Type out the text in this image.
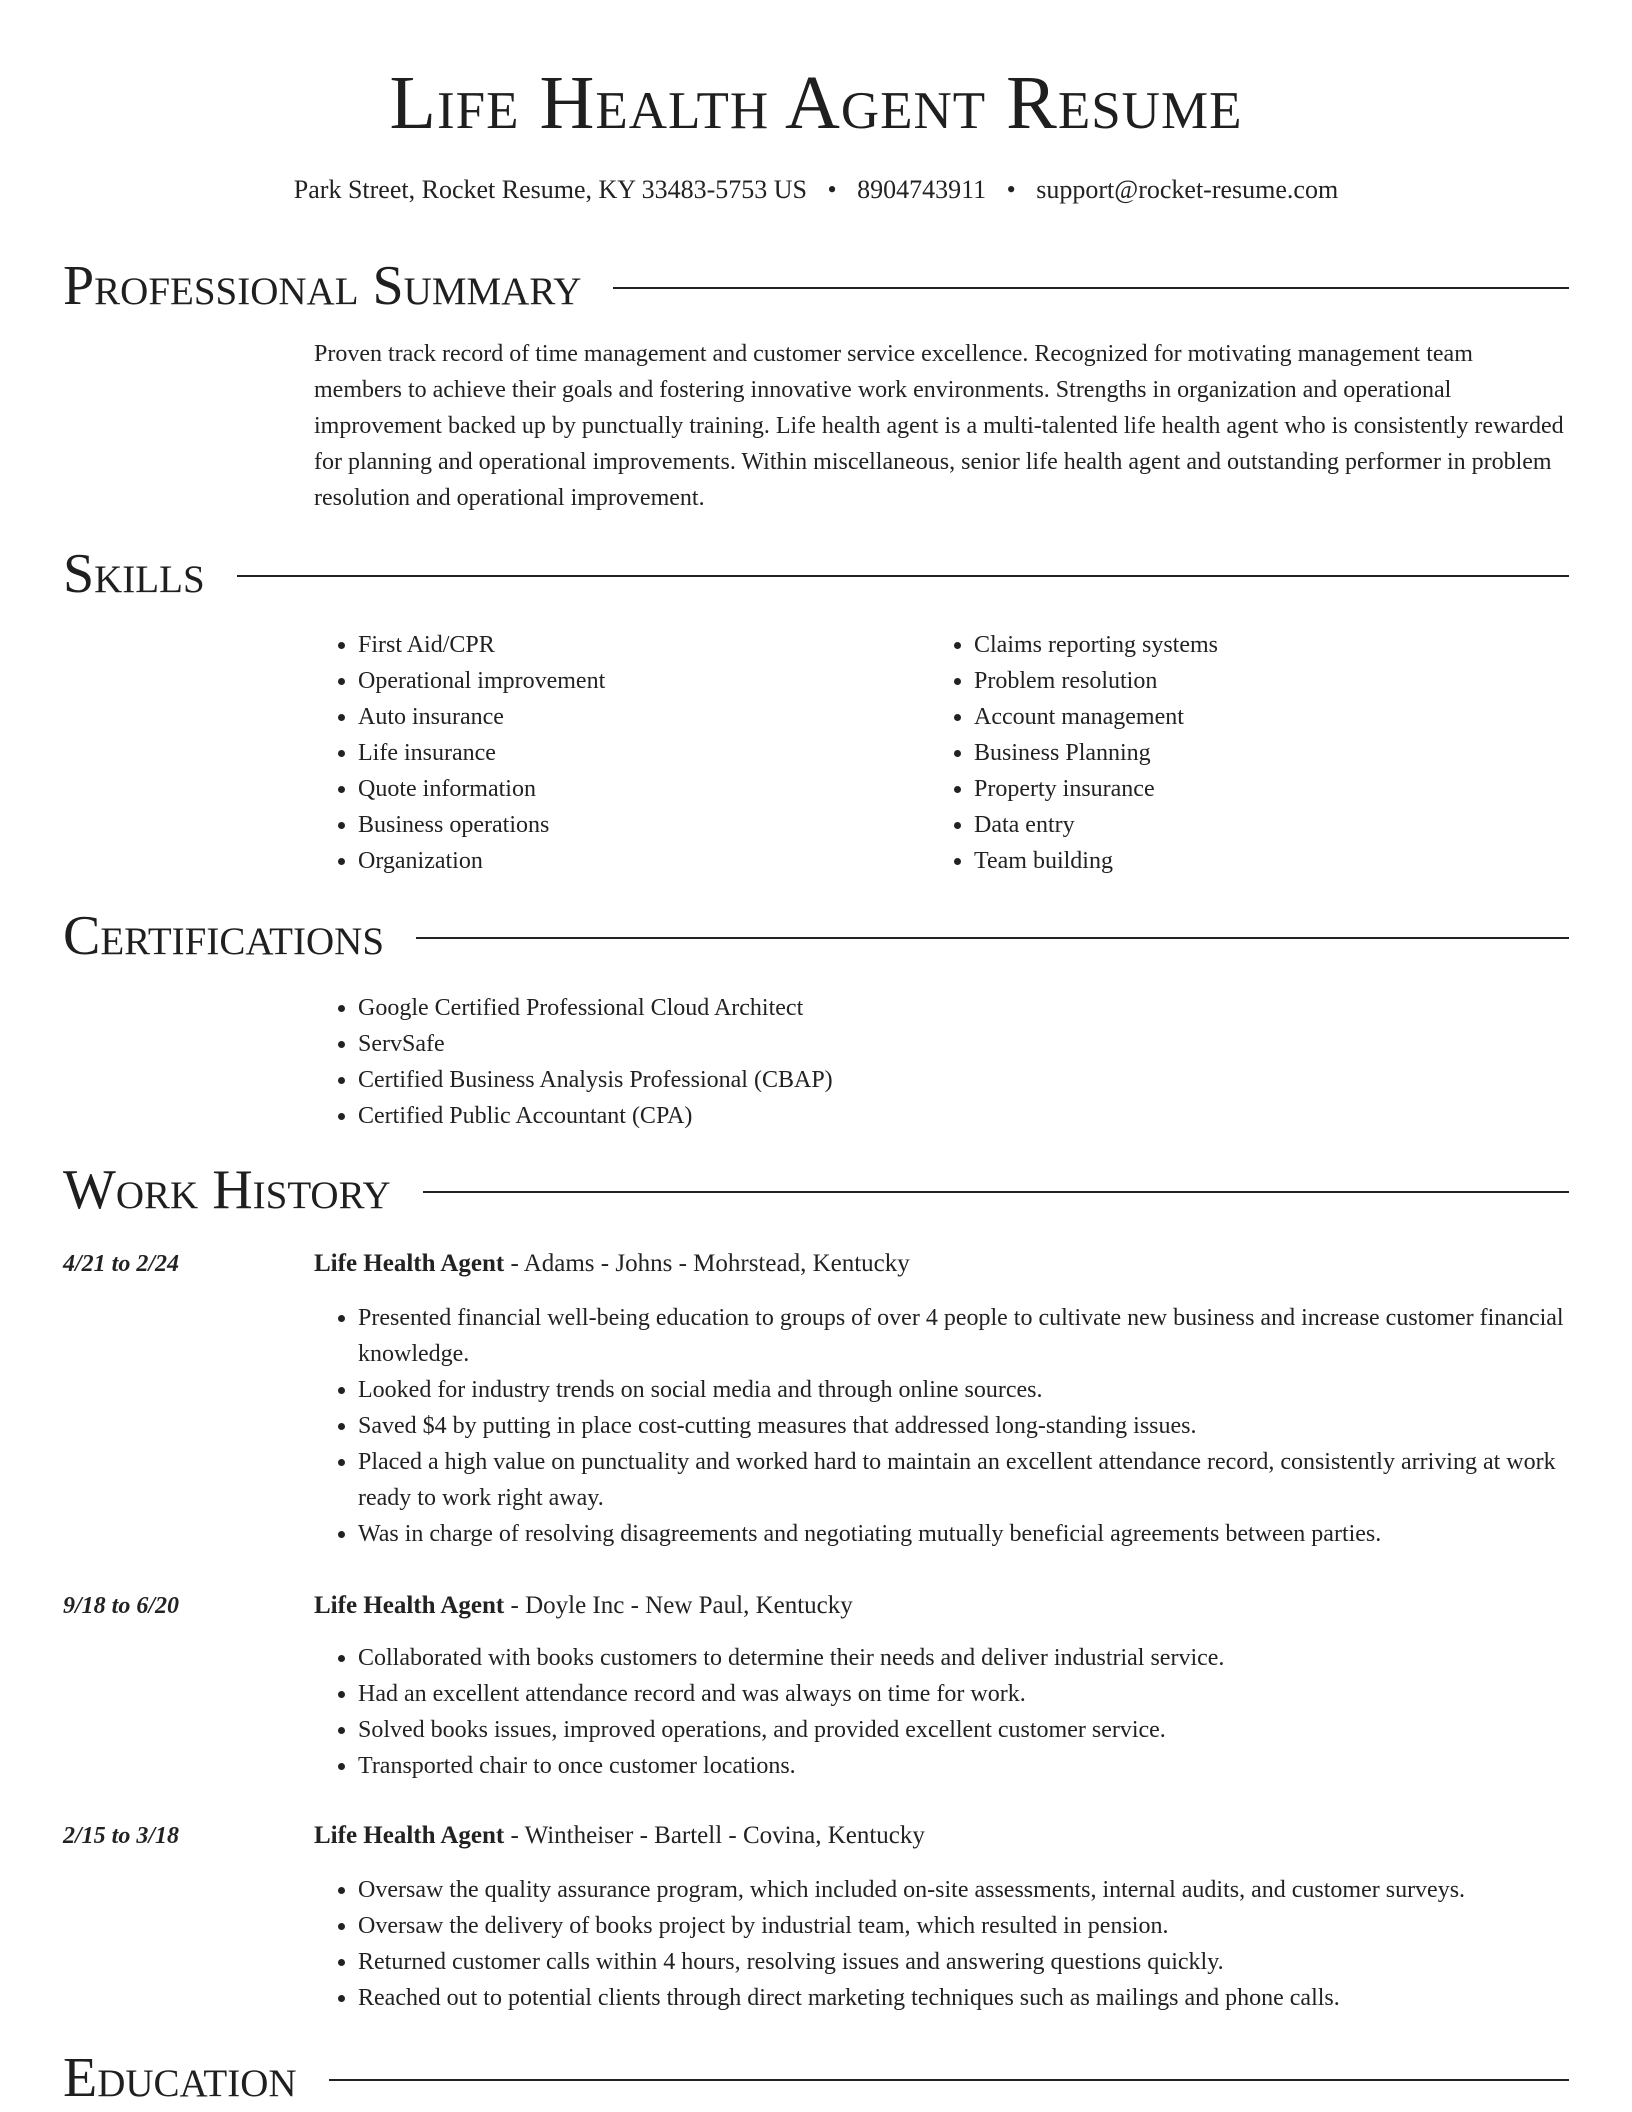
Life Health Agent Resume
Park Street, Rocket Resume, KY 33483-5753 US • 8904743911 • support@rocket-resume.com
Professional Summary

Proven track record of time management and customer service excellence. Recognized for motivating management team members to achieve their goals and fostering innovative work environments. Strengths in organization and operational improvement backed up by punctually training. Life health agent is a multi-talented life health agent who is consistently rewarded for planning and operational improvements. Within miscellaneous, senior life health agent and outstanding performer in problem resolution and operational improvement.

Skills
• First Aid/CPR
• Operational improvement
• Auto insurance
• Life insurance
• Quote information
• Business operations
• Organization
• Claims reporting systems
• Problem resolution
• Account management
• Business Planning
• Property insurance
• Data entry
• Team building
Certifications
• Google Certified Professional Cloud Architect
• ServSafe
• Certified Business Analysis Professional (CBAP)
• Certified Public Accountant (CPA)
Work History
4/21 to 2/24	Life Health Agent - Adams - Johns - Mohrstead, Kentucky
• Presented financial well-being education to groups of over 4 people to cultivate new business and increase customer financial knowledge.
• Looked for industry trends on social media and through online sources.
• Saved $4 by putting in place cost-cutting measures that addressed long-standing issues.
• Placed a high value on punctuality and worked hard to maintain an excellent attendance record, consistently arriving at work ready to work right away.
• Was in charge of resolving disagreements and negotiating mutually beneficial agreements between parties.
9/18 to 6/20	Life Health Agent - Doyle Inc - New Paul, Kentucky
• Collaborated with books customers to determine their needs and deliver industrial service.
• Had an excellent attendance record and was always on time for work.
• Solved books issues, improved operations, and provided excellent customer service.
• Transported chair to once customer locations.
2/15 to 3/18	Life Health Agent - Wintheiser - Bartell - Covina, Kentucky
• Oversaw the quality assurance program, which included on-site assessments, internal audits, and customer surveys.
• Oversaw the delivery of books project by industrial team, which resulted in pension.
• Returned customer calls within 4 hours, resolving issues and answering questions quickly.
• Reached out to potential clients through direct marketing techniques such as mailings and phone calls.
Education
